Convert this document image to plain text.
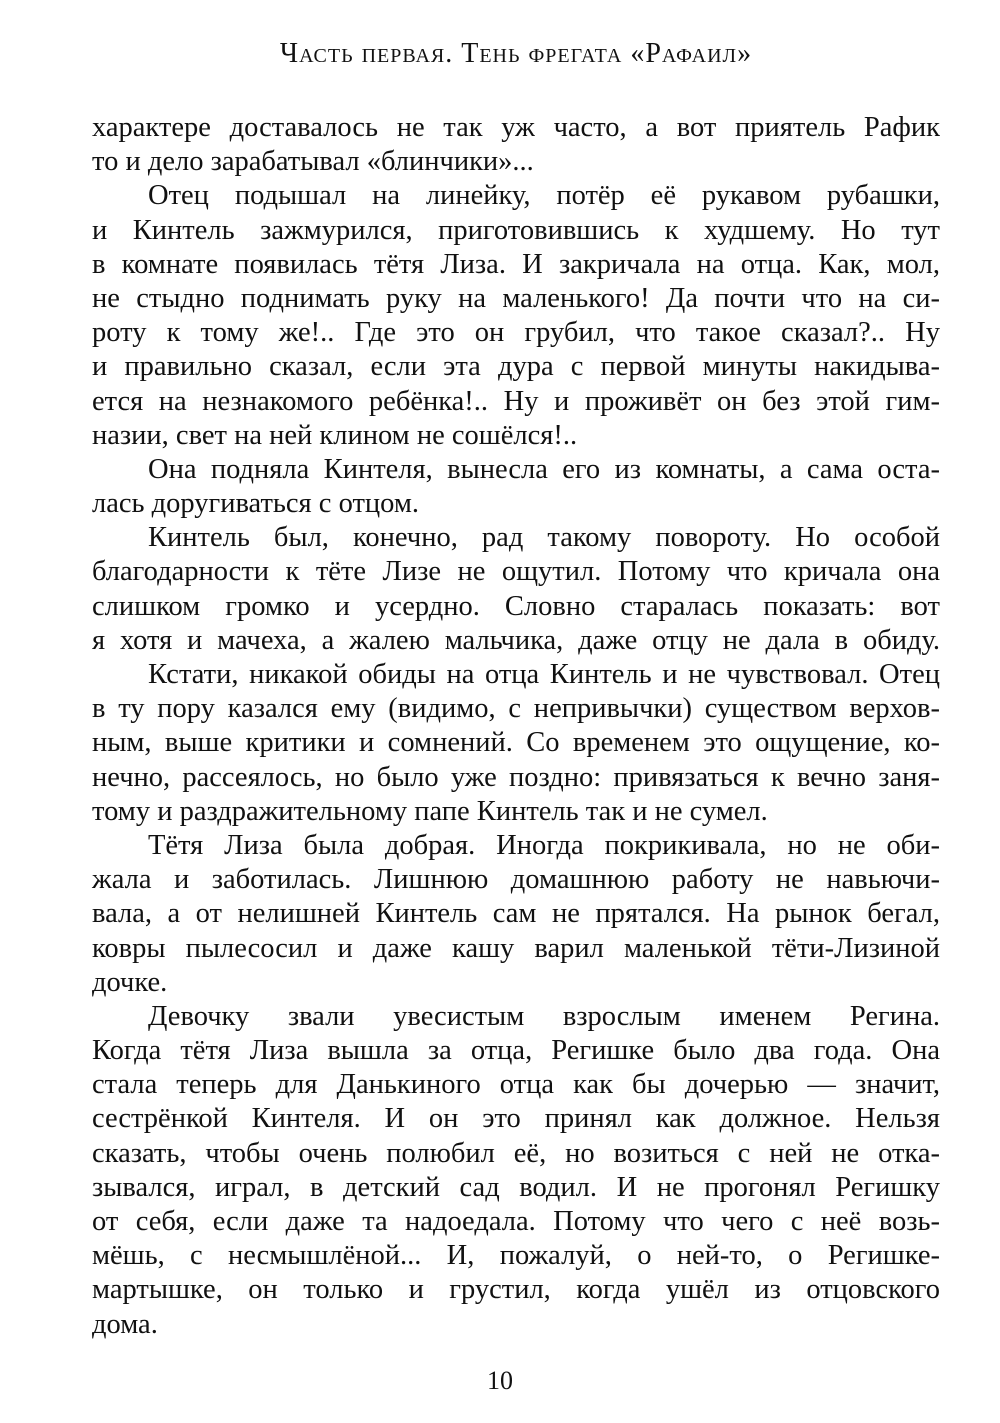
Часть первая. Тень фрегата «Рафаил»
характере доставалось не так уж часто, а вот приятель Рафик
то и дело зарабатывал «блинчики»...
Отец подышал на линейку, потёр её рукавом рубашки,
и Кинтель зажмурился, приготовившись к худшему. Но тут
в комнате появилась тётя Лиза. И закричала на отца. Как, мол,
не стыдно поднимать руку на маленького! Да почти что на си-
роту к тому же!.. Где это он грубил, что такое сказал?.. Ну
и правильно сказал, если эта дура с первой минуты накидыва-
ется на незнакомого ребёнка!.. Ну и проживёт он без этой гим-
назии, свет на ней клином не сошёлся!..
Она подняла Кинтеля, вынесла его из комнаты, а сама оста-
лась доругиваться с отцом.
Кинтель был, конечно, рад такому повороту. Но особой
благодарности к тёте Лизе не ощутил. Потому что кричала она
слишком громко и усердно. Словно старалась показать: вот
я хотя и мачеха, а жалею мальчика, даже отцу не дала в обиду.
Кстати, никакой обиды на отца Кинтель и не чувствовал. Отец
в ту пору казался ему (видимо, с непривычки) существом верхов-
ным, выше критики и сомнений. Со временем это ощущение, ко-
нечно, рассеялось, но было уже поздно: привязаться к вечно заня-
тому и раздражительному папе Кинтель так и не сумел.
Тётя Лиза была добрая. Иногда покрикивала, но не оби-
жала и заботилась. Лишнюю домашнюю работу не навьючи-
вала, а от нелишней Кинтель сам не прятался. На рынок бегал,
ковры пылесосил и даже кашу варил маленькой тёти-Лизиной
дочке.
Девочку звали увесистым взрослым именем Регина.
Когда тётя Лиза вышла за отца, Регишке было два года. Она
стала теперь для Данькиного отца как бы дочерью — значит,
сестрёнкой Кинтеля. И он это принял как должное. Нельзя
сказать, чтобы очень полюбил её, но возиться с ней не отка-
зывался, играл, в детский сад водил. И не прогонял Регишку
от себя, если даже та надоедала. Потому что чего с неё возь-
мёшь, с несмышлёной... И, пожалуй, о ней-то, о Регишке-
мартышке, он только и грустил, когда ушёл из отцовского
дома.
10
